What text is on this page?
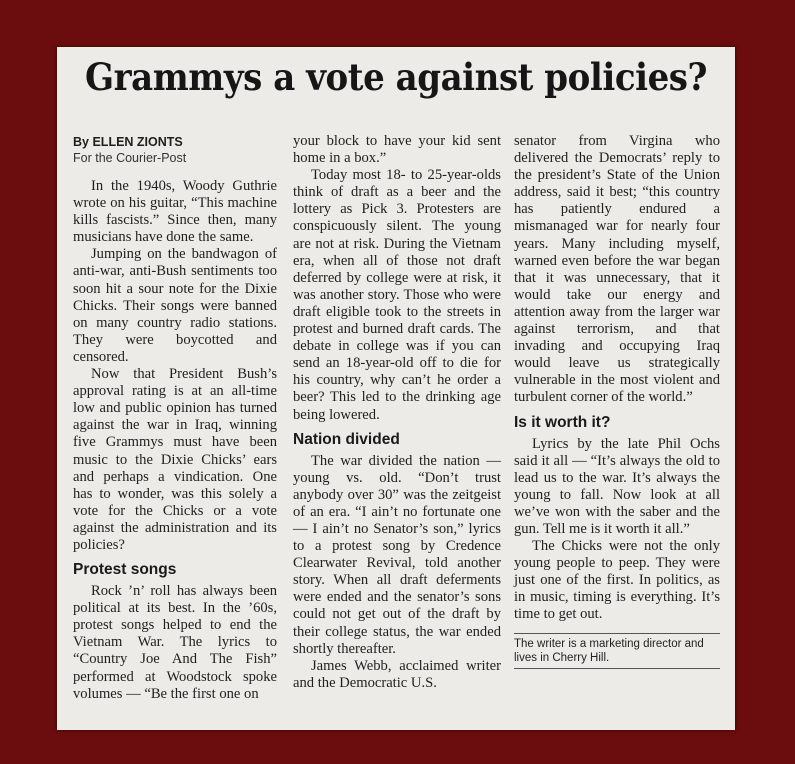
Grammys a vote against policies?
By ELLEN ZIONTS
For the Courier-Post

In the 1940s, Woody Guthrie wrote on his guitar, “This machine kills fascists.” Since then, many musicians have done the same.

Jumping on the bandwagon of anti-war, anti-Bush sentiments too soon hit a sour note for the Dixie Chicks. Their songs were banned on many country radio stations. They were boycotted and censored.

Now that President Bush’s approval rating is at an all-time low and public opinion has turned against the war in Iraq, winning five Grammys must have been music to the Dixie Chicks’ ears and perhaps a vindication. One has to wonder, was this solely a vote for the Chicks or a vote against the administration and its policies?

Protest songs

Rock ’n’ roll has always been political at its best. In the ’60s, protest songs helped to end the Vietnam War. The lyrics to “Country Joe And The Fish” performed at Woodstock spoke volumes — “Be the first one on

your block to have your kid sent home in a box.”

Today most 18- to 25-year-olds think of draft as a beer and the lottery as Pick 3. Protesters are conspicuously silent. The young are not at risk. During the Vietnam era, when all of those not draft deferred by college were at risk, it was another story. Those who were draft eligible took to the streets in protest and burned draft cards. The debate in college was if you can send an 18-year-old off to die for his country, why can’t he order a beer? This led to the drinking age being lowered.

Nation divided

The war divided the nation — young vs. old. “Don’t trust anybody over 30” was the zeitgeist of an era. “I ain’t no fortunate one — I ain’t no Senator’s son,” lyrics to a protest song by Credence Clearwater Revival, told another story. When all draft deferments were ended and the senator’s sons could not get out of the draft by their college status, the war ended shortly thereafter.

James Webb, acclaimed writer and the Democratic U.S.

senator from Virgina who delivered the Democrats’ reply to the president’s State of the Union address, said it best; “this country has patiently endured a mismanaged war for nearly four years. Many including myself, warned even before the war began that it was unnecessary, that it would take our energy and attention away from the larger war against terrorism, and that invading and occupying Iraq would leave us strategically vulnerable in the most violent and turbulent corner of the world.”

Is it worth it?

Lyrics by the late Phil Ochs said it all — “It’s always the old to lead us to the war. It’s always the young to fall. Now look at all we’ve won with the saber and the gun. Tell me is it worth it all.”

The Chicks were not the only young people to peep. They were just one of the first. In politics, as in music, timing is everything. It’s time to get out.

The writer is a marketing director and lives in Cherry Hill.
